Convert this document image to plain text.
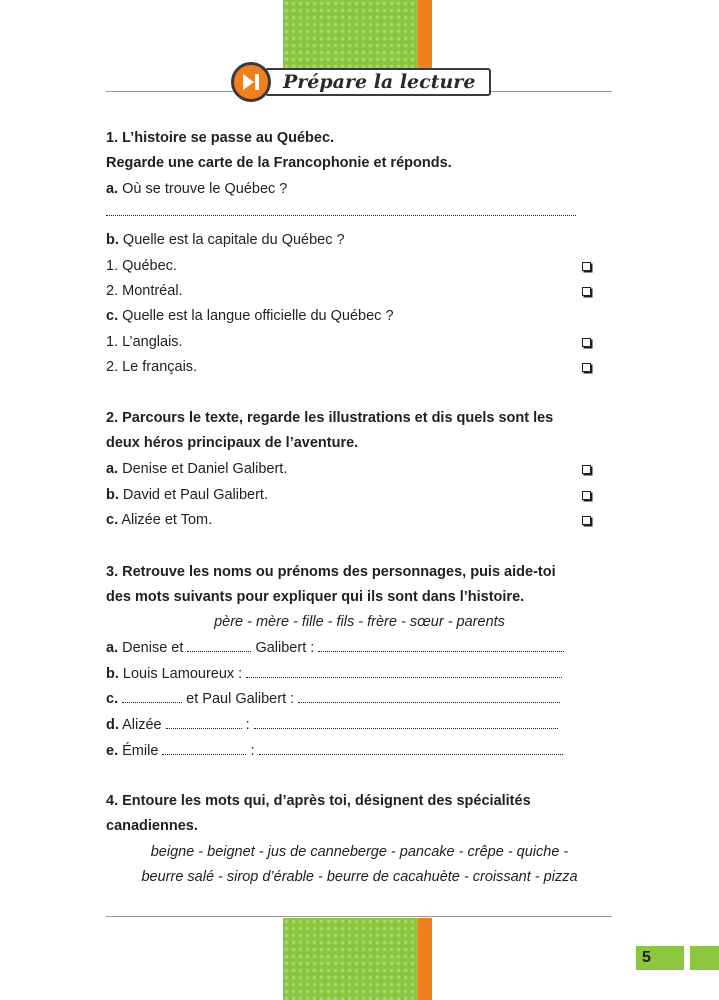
Prépare la lecture
1. L’histoire se passe au Québec.
Regarde une carte de la Francophonie et réponds.
a. Où se trouve le Québec ?
b. Quelle est la capitale du Québec ?
1. Québec.
2. Montréal.
c. Quelle est la langue officielle du Québec ?
1. L’anglais.
2. Le français.
2. Parcours le texte, regarde les illustrations et dis quels sont les
deux héros principaux de l’aventure.
a. Denise et Daniel Galibert.
b. David et Paul Galibert.
c. Alizée et Tom.
3. Retrouve les noms ou prénoms des personnages, puis aide-toi
des mots suivants pour expliquer qui ils sont dans l’histoire.
père - mère - fille - fils - frère - sœur - parents
a. Denise et	Galibert :
b. Louis Lamoureux :
c.	et Paul Galibert :
d. Alizée	:
e. Émile	:
4. Entoure les mots qui, d’après toi, désignent des spécialités
canadiennes.
beigne - beignet - jus de canneberge - pancake - crêpe - quiche -
beurre salé - sirop d’érable - beurre de cacahuète - croissant - pizza
5
